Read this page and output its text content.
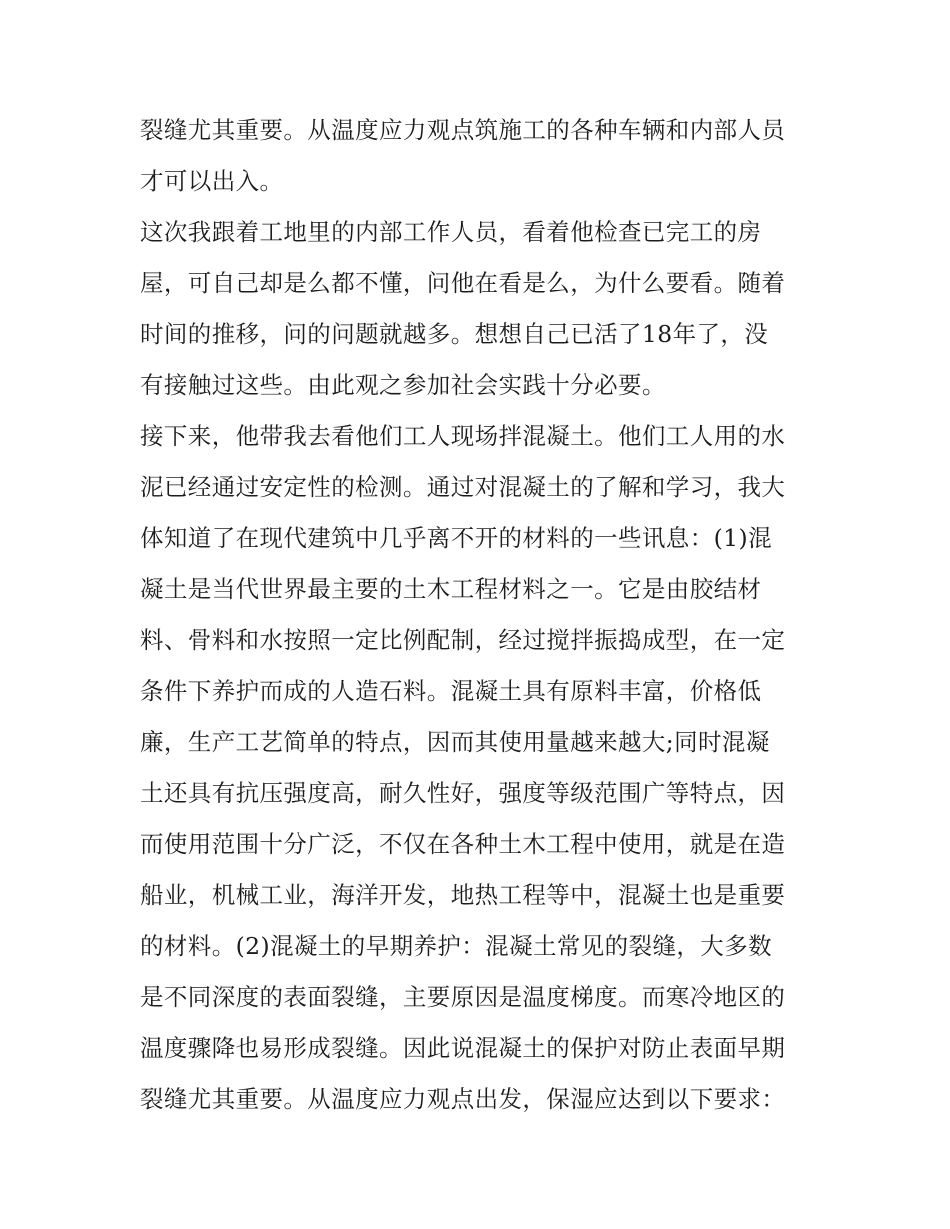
裂缝尤其重要。从温度应力观点筑施工的各种车辆和内部人员
才可以出入。
这次我跟着工地里的内部工作人员，看着他检查已完工的房
屋，可自己却是么都不懂，问他在看是么，为什么要看。随着
时间的推移，问的问题就越多。想想自己已活了18年了，没
有接触过这些。由此观之参加社会实践十分必要。
接下来，他带我去看他们工人现场拌混凝土。他们工人用的水
泥已经通过安定性的检测。通过对混凝土的了解和学习，我大
体知道了在现代建筑中几乎离不开的材料的一些讯息：(1)混
凝土是当代世界最主要的土木工程材料之一。它是由胶结材
料、骨料和水按照一定比例配制，经过搅拌振捣成型，在一定
条件下养护而成的人造石料。混凝土具有原料丰富，价格低
廉，生产工艺简单的特点，因而其使用量越来越大;同时混凝
土还具有抗压强度高，耐久性好，强度等级范围广等特点，因
而使用范围十分广泛，不仅在各种土木工程中使用，就是在造
船业，机械工业，海洋开发，地热工程等中，混凝土也是重要
的材料。(2)混凝土的早期养护：混凝土常见的裂缝，大多数
是不同深度的表面裂缝，主要原因是温度梯度。而寒冷地区的
温度骤降也易形成裂缝。因此说混凝土的保护对防止表面早期
裂缝尤其重要。从温度应力观点出发，保湿应达到以下要求：
